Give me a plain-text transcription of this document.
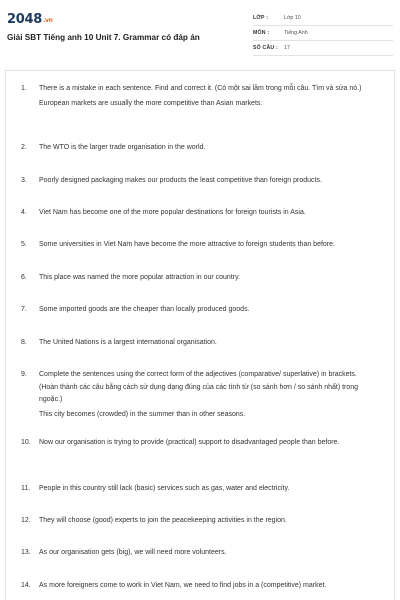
2048.vn
Giải SBT Tiếng anh 10 Unit 7. Grammar có đáp án
LỚP :	Lớp 10
MÔN :	Tiếng Anh
SỐ CÂU : 17
1. There is a mistake in each sentence. Find and correct it. (Có một sai lầm trong mỗi câu. Tìm và sửa nó.)

European markets are usually the more competitive than Asian markets.

2. The WTO is the larger trade organisation in the world.

3. Poorly designed packaging makes our products the least competitive than foreign products.

4. Viet Nam has become one of the more popular destinations for foreign tourists in Asia.

5. Some universities in Viet Nam have become the more attractive to foreign students than before.

6. This place was named the more popular attraction in our country.

7. Some imported goods are the cheaper than locally produced goods.

8. The United Nations is a largest international organisation.

9. Complete the sentences using the correct form of the adjectives (comparative/ superlative) in brackets. (Hoàn thành các câu bằng cách sử dụng dạng đúng của các tính từ (so sánh hơn / so sánh nhất) trong ngoặc.)

This city becomes (crowded) in the summer than in other seasons.

10. Now our organisation is trying to provide (practical) support to disadvantaged people than before.

11. People in this country still lack (basic) services such as gas, water and electricity.

12. They will choose (good) experts to join the peacekeeping activities in the region.

13. As our organisation gets (big), we will need more volunteers.

14. As more foreigners come to work in Viet Nam, we need to find jobs in a (competitive) market.
